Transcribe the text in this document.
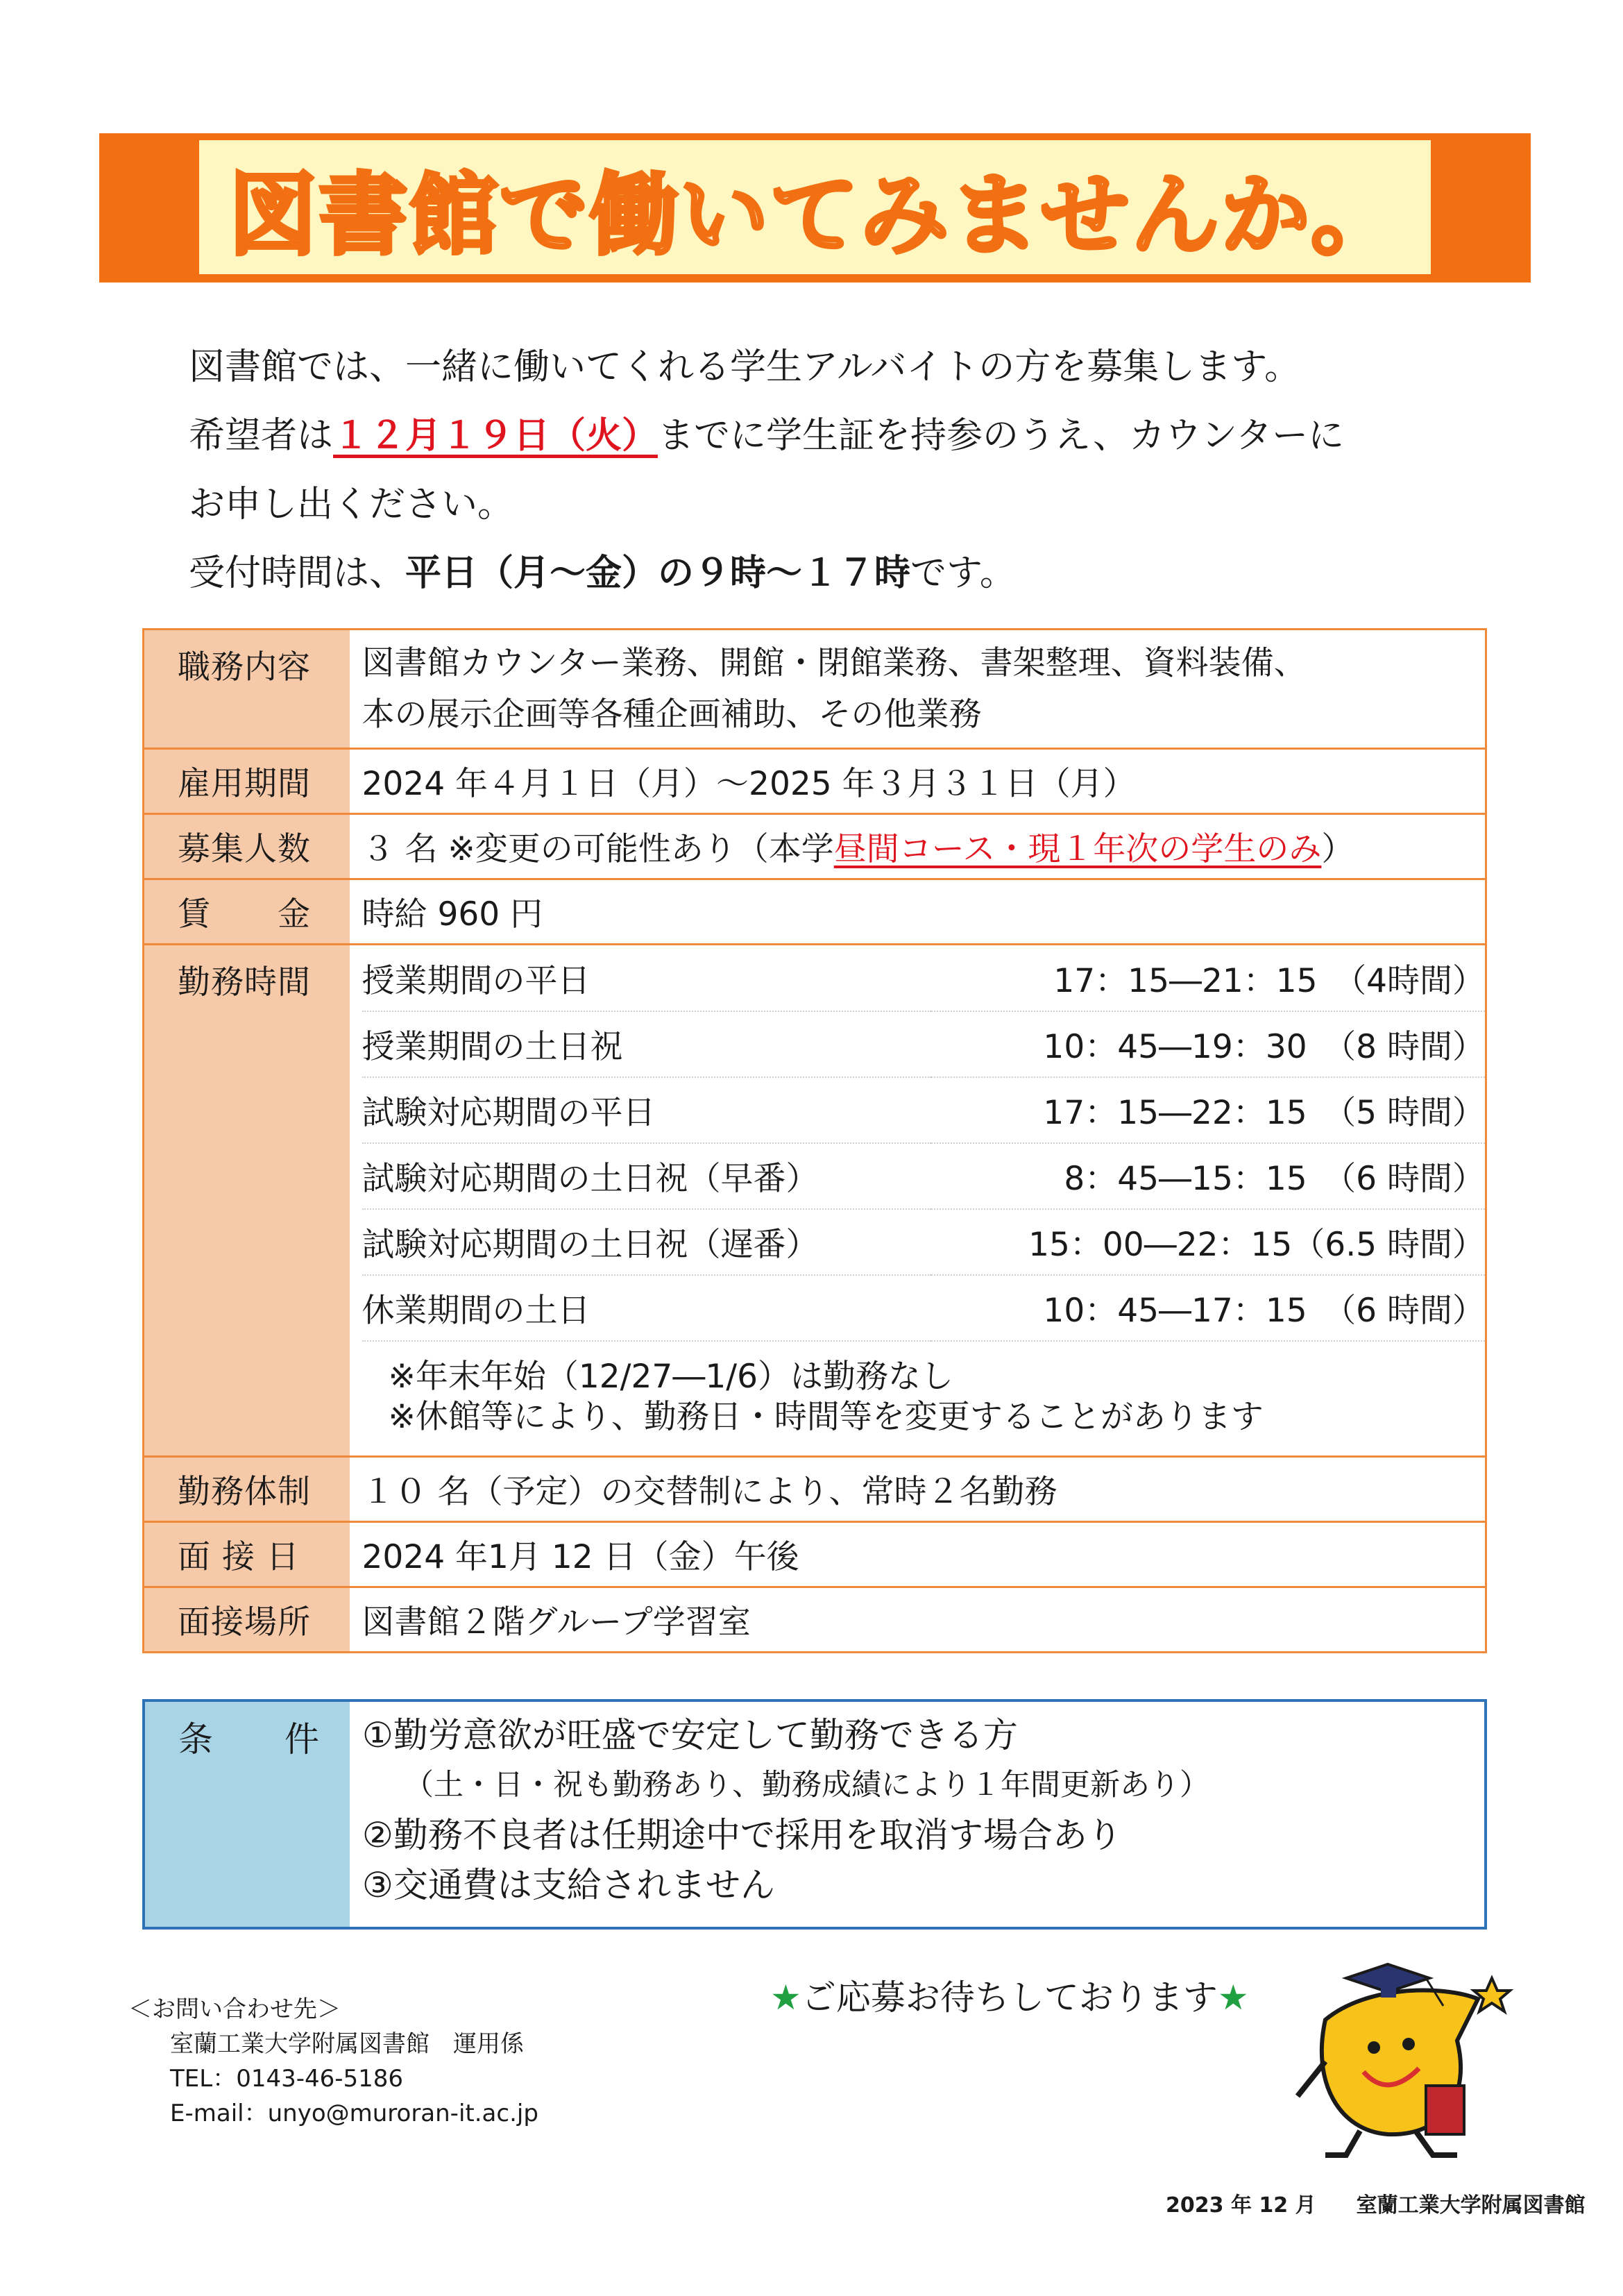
図書館で働いてみませんか。

図書館では、一緒に働いてくれる学生アルバイトの方を募集します。

希望者は１２月１９日（火）までに学生証を持参のうえ、カウンターに

お申し出ください。

受付時間は、平日（月～金）の９時～１７時です。

職務内容	図書館カウンター業務、開館・閉館業務、書架整理、資料装備、
本の展示企画等各種企画補助、その他業務

雇用期間	2024 年４月１日（月）～2025 年３月３１日（月）
募集人数	３ 名 ※変更の可能性あり（本学昼間コース・現１年次の学生のみ）
賃　　金	時給 960 円
勤務時間	授業期間の平日	17：15―21：15　（4時間）
授業期間の土日祝	10：45―19：30　（8 時間）
試験対応期間の平日	17：15―22：15　（5 時間）
試験対応期間の土日祝（早番）	8：45―15：15　（6 時間）
試験対応期間の土日祝（遅番）	15：00―22：15（6.5 時間）
休業期間の土日	10：45―17：15　（6 時間）

※年末年始（12/27―1/6）は勤務なし
※休館等により、勤務日・時間等を変更することがあります

勤務体制	１０ 名（予定）の交替制により、常時２名勤務
面 接 日	2024 年1月 12 日（金）午後
面接場所	図書館２階グループ学習室
条　　件	①勤労意欲が旺盛で安定して勤務できる方
（土・日・祝も勤務あり、勤務成績により１年間更新あり）
②勤務不良者は任期途中で採用を取消す場合あり
③交通費は支給されません
★ご応募お待ちしております★
＜お問い合わせ先＞
室蘭工業大学附属図書館　運用係
TEL：0143-46-5186
E-mail：unyo@muroran-it.ac.jp
2023 年 12 月 室蘭工業大学附属図書館
